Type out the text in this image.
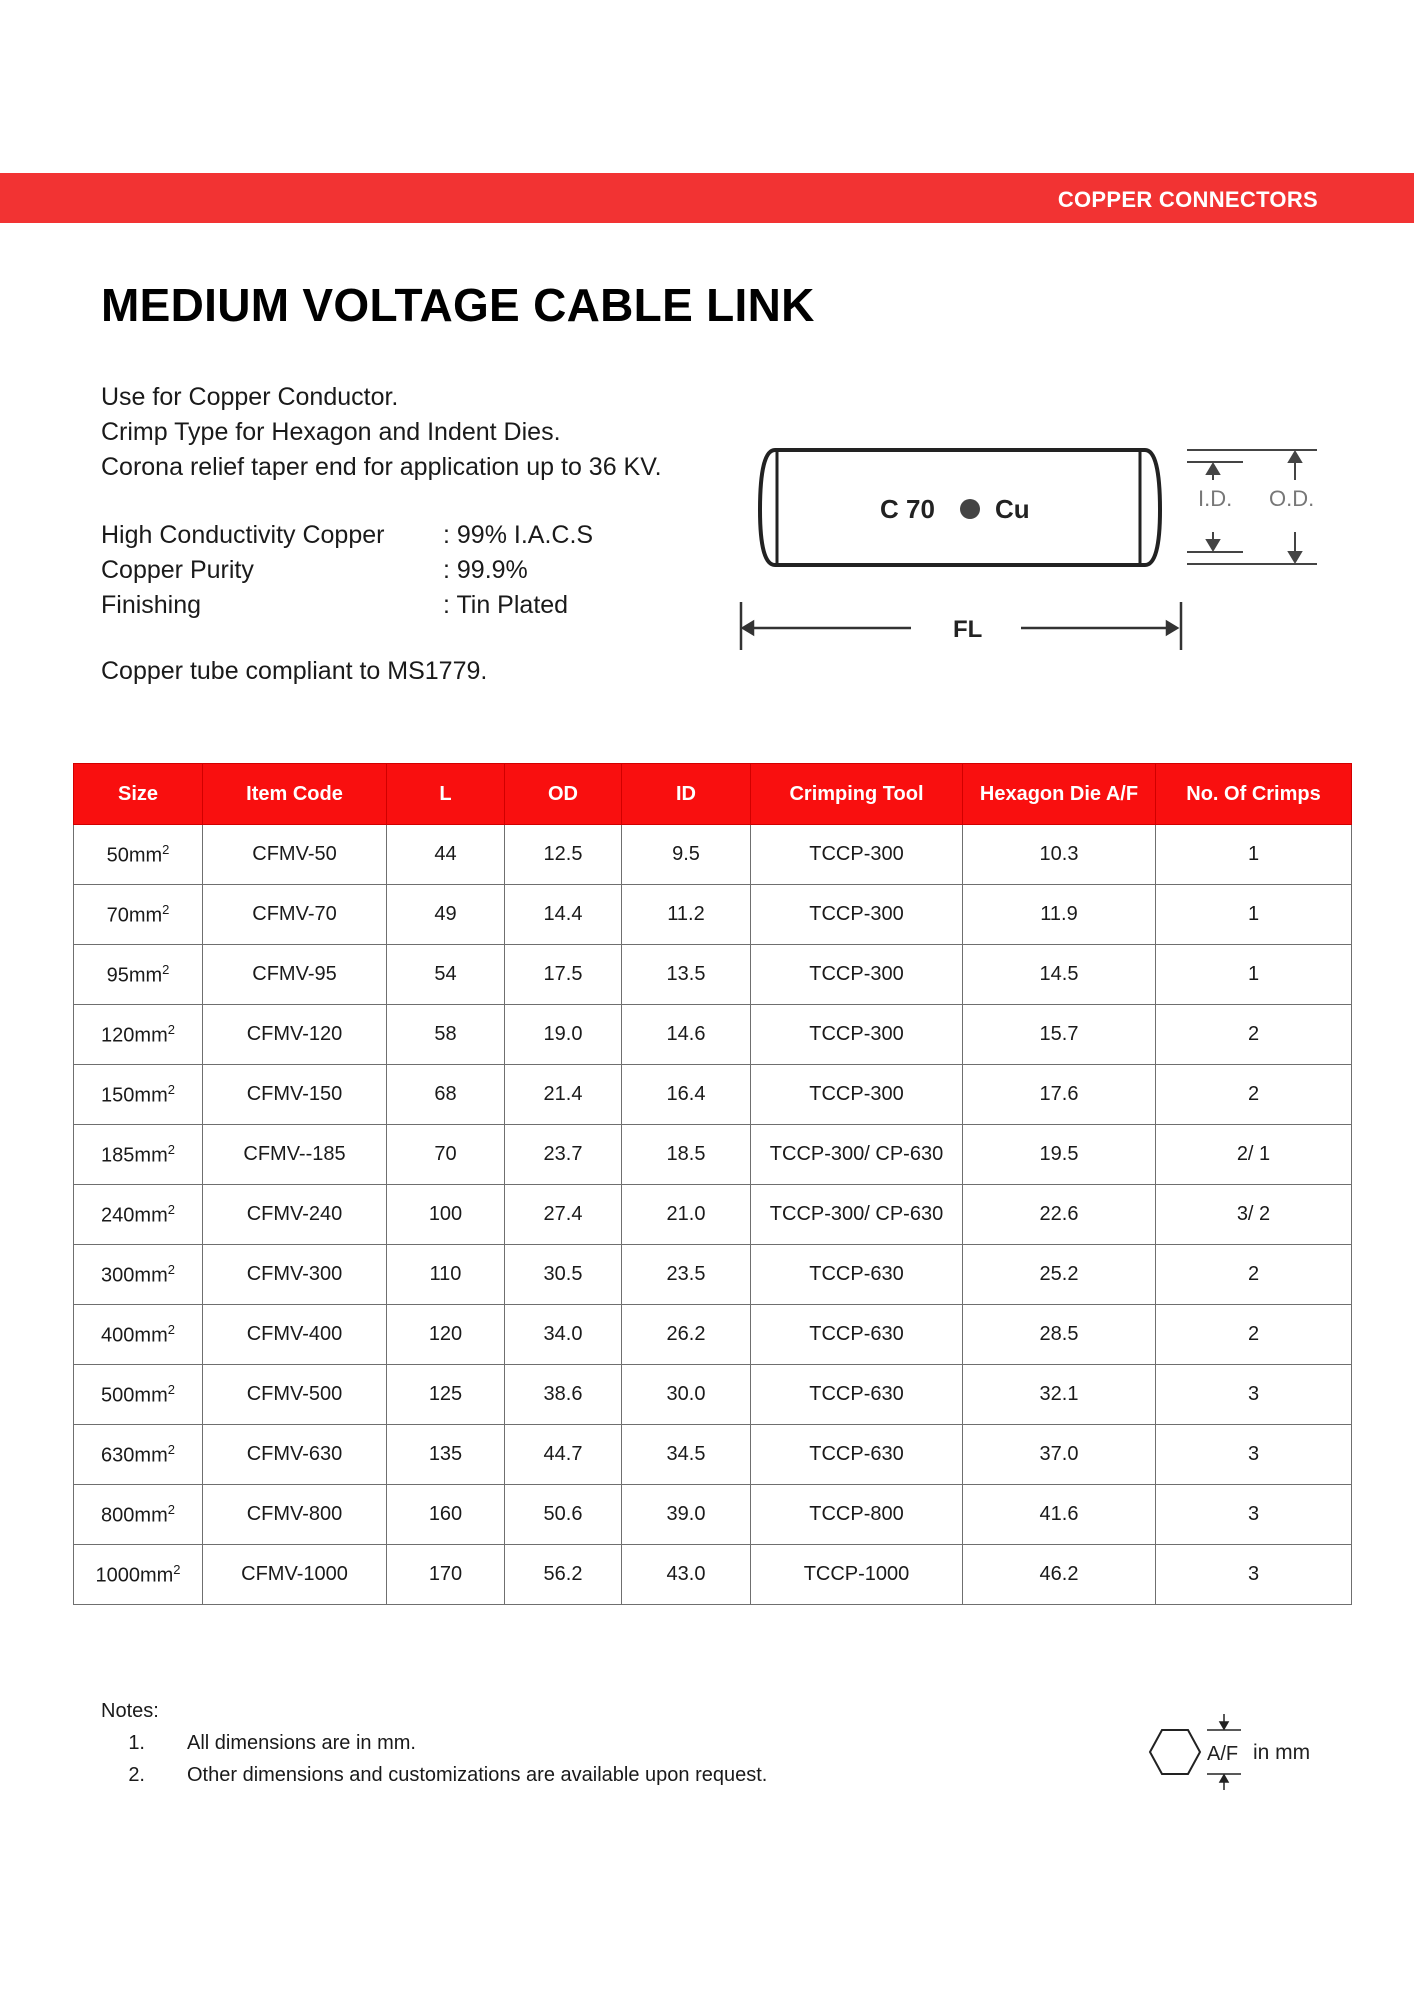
COPPER CONNECTORS
MEDIUM VOLTAGE CABLE LINK
Use for Copper Conductor.
Crimp Type for Hexagon and Indent Dies.
Corona relief taper end for application up to 36 KV.
High Conductivity Copper	: 99% I.A.C.S
Copper Purity	: 99.9%
Finishing	: Tin Plated
Copper tube compliant to MS1779.
C 70 Cu	I.D. O.D.
FL
Size	Item Code	L	OD	ID	Crimping Tool	Hexagon Die A/F	No. Of Crimps
$50mm^2$	CFMV-50	44	12.5	9.5	TCCP-300	10.3	1
$70mm^2$	CFMV-70	49	14.4	11.2	TCCP-300	11.9	1
$95mm^2$	CFMV-95	54	17.5	13.5	TCCP-300	14.5	1
$120mm^2$	CFMV-120	58	19.0	14.6	TCCP-300	15.7	2
$150mm^2$	CFMV-150	68	21.4	16.4	TCCP-300	17.6	2
$185mm^2$	CFMV--185	70	23.7	18.5	TCCP-300/ CP-630	19.5	2/ 1
$240mm^2$	CFMV-240	100	27.4	21.0	TCCP-300/ CP-630	22.6	3/ 2
$300mm^2$	CFMV-300	110	30.5	23.5	TCCP-630	25.2	2
$400mm^2$	CFMV-400	120	34.0	26.2	TCCP-630	28.5	2
$500mm^2$	CFMV-500	125	38.6	30.0	TCCP-630	32.1	3
$630mm^2$	CFMV-630	135	44.7	34.5	TCCP-630	37.0	3
$800mm^2$	CFMV-800	160	50.6	39.0	TCCP-800	41.6	3
$1000mm^2$	CFMV-1000	170	56.2	43.0	TCCP-1000	46.2	3
Notes:
1.	All dimensions are in mm.
2.	Other dimensions and customizations are available upon request.
A/F in mm
